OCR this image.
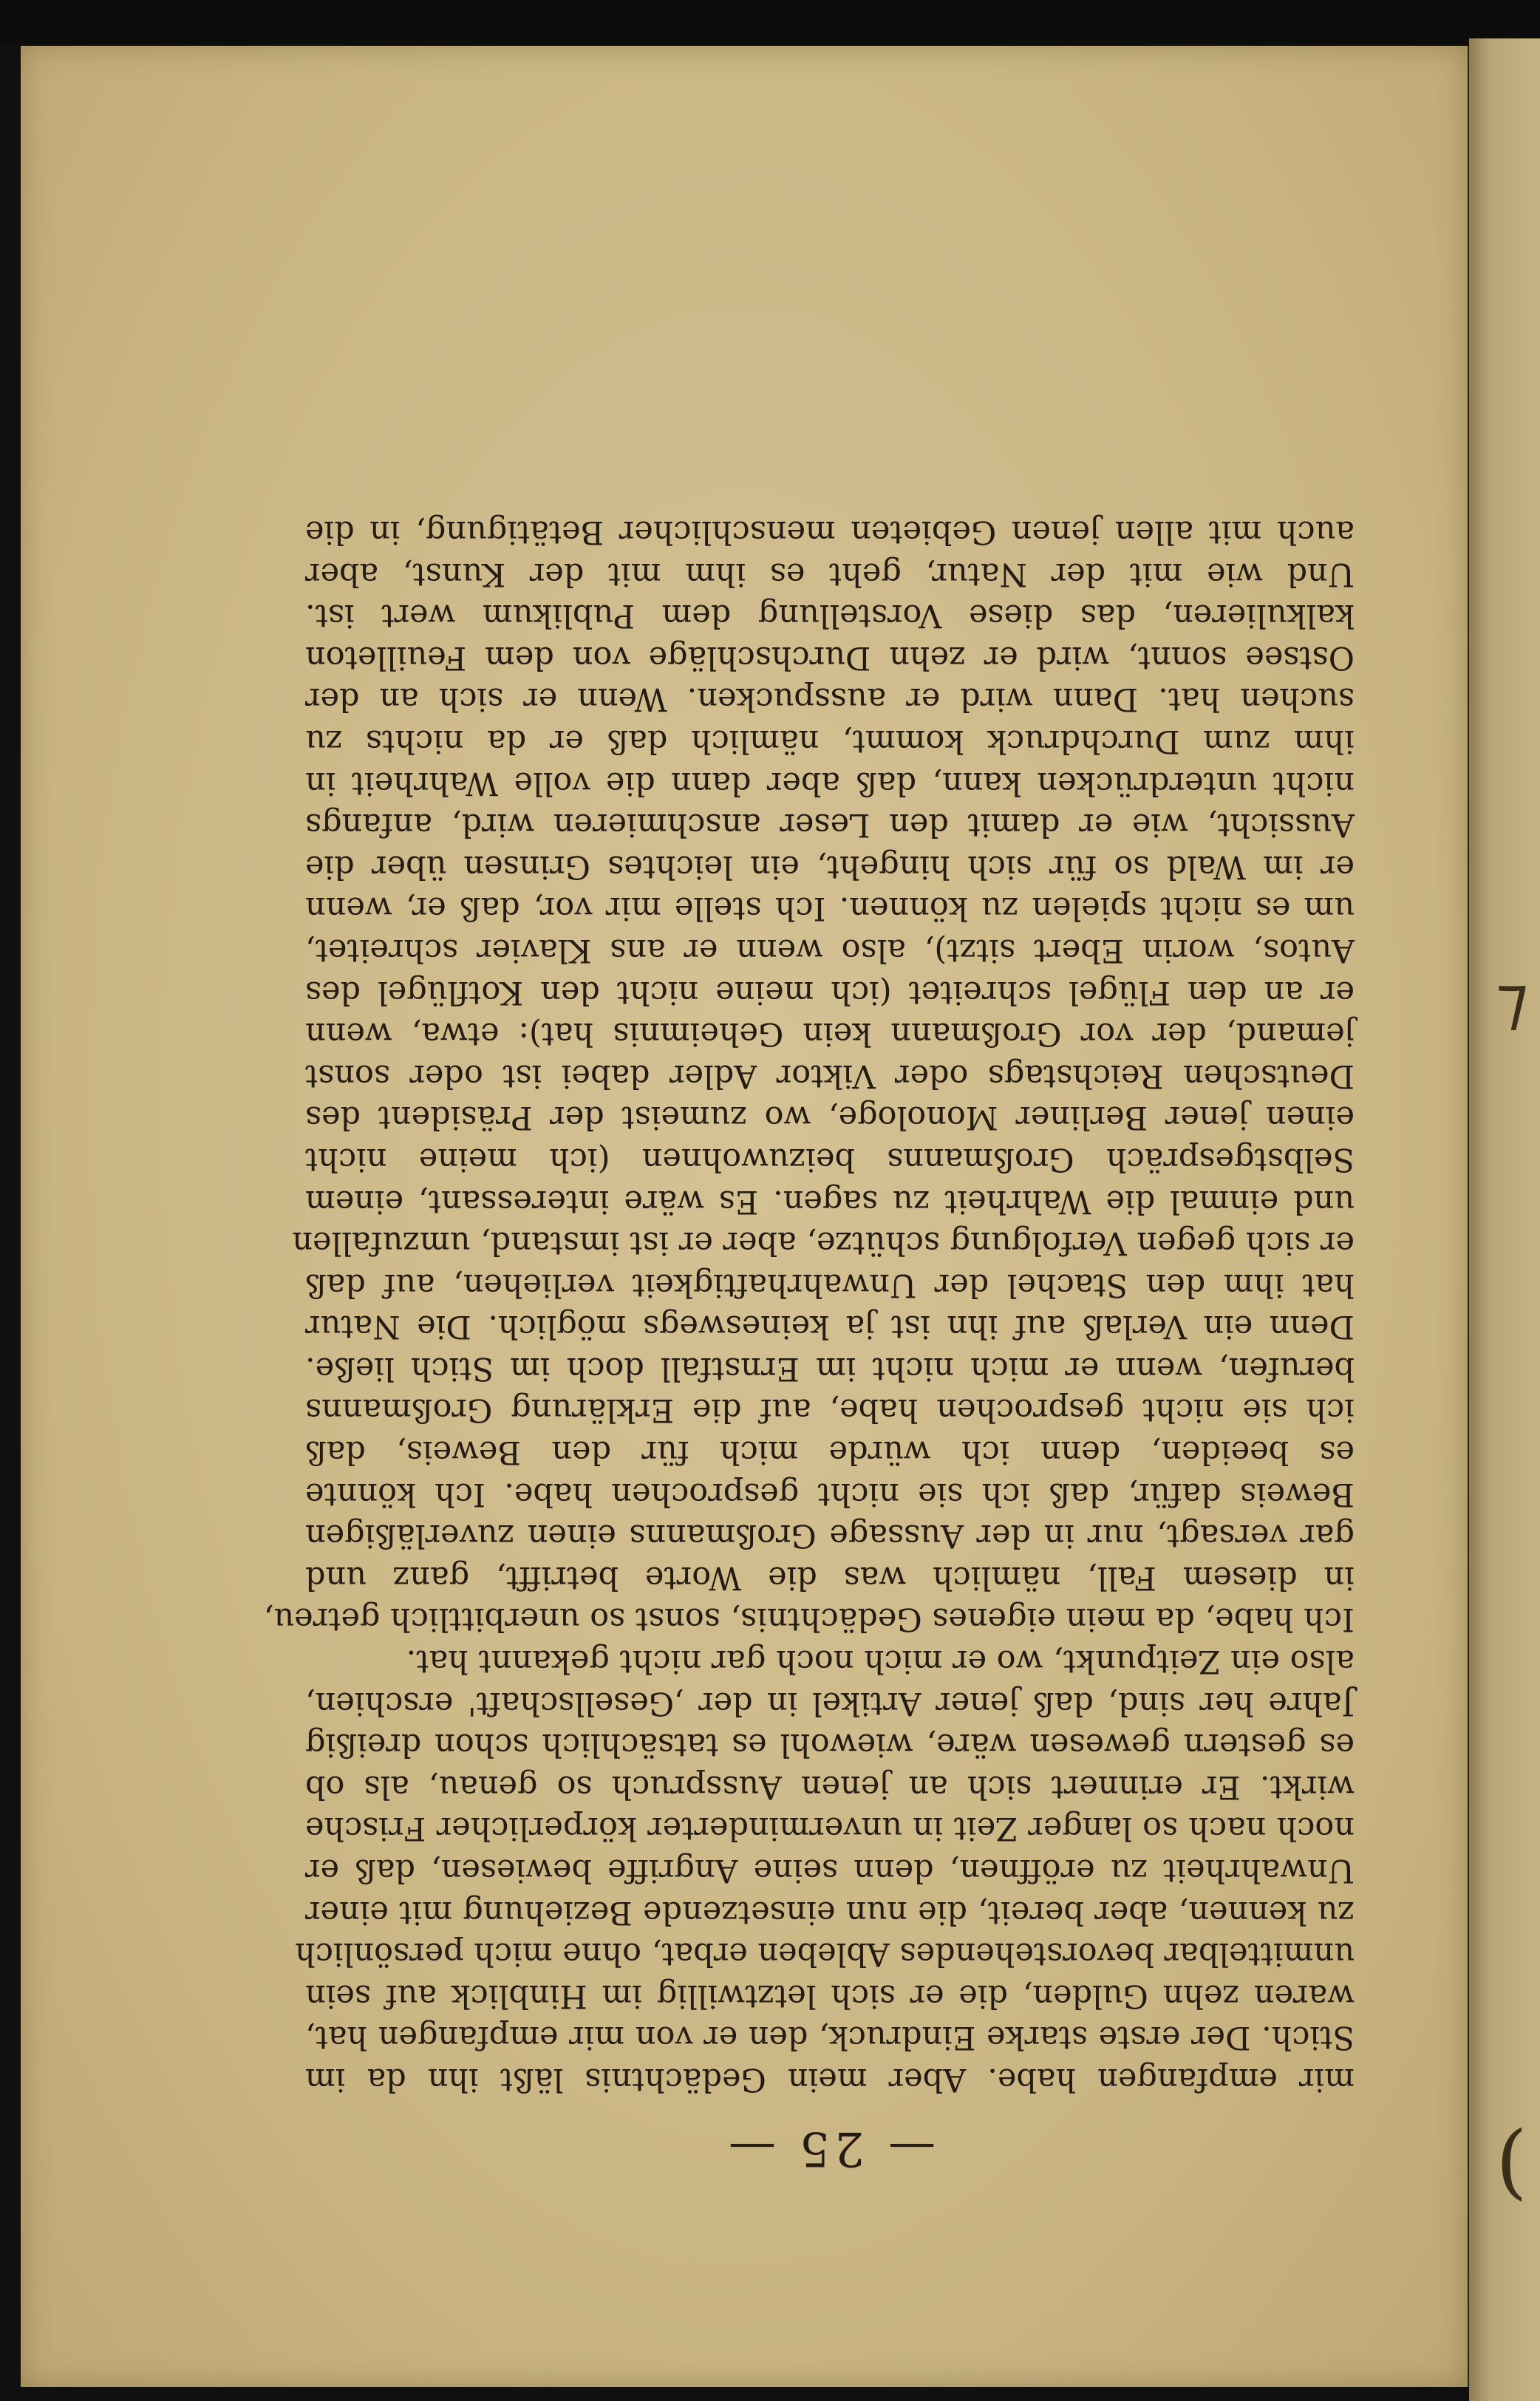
— 25 —
mir empfangen habe. Aber mein Gedächtnis läßt ihn da im
Stich. Der erste starke Eindruck, den er von mir empfangen hat,
waren zehn Gulden, die er sich letztwillig im Hinblick auf sein
unmittelbar bevorstehendes Ableben erbat, ohne mich persönlich
zu kennen, aber bereit, die nun einsetzende Beziehung mit einer
Unwahrheit zu eröffnen, denn seine Angriffe bewiesen, daß er
noch nach so langer Zeit in unverminderter körperlicher Frische
wirkt. Er erinnert sich an jenen Ausspruch so genau, als ob
es gestern gewesen wäre, wiewohl es tatsächlich schon dreißig
Jahre her sind, daß jener Artikel in der ‚Gesellschaft' erschien,
also ein Zeitpunkt, wo er mich noch gar nicht gekannt hat.
Ich habe, da mein eigenes Gedächtnis, sonst so unerbittlich getreu,
in diesem Fall, nämlich was die Worte betrifft, ganz und
gar versagt, nur in der Aussage Großmanns einen zuverläßigen
Beweis dafür, daß ich sie nicht gesprochen habe. Ich könnte
es beeiden, denn ich würde mich für den Beweis, daß
ich sie nicht gesprochen habe, auf die Erklärung Großmanns
berufen, wenn er mich nicht im Ernstfall doch im Stich ließe.
Denn ein Verlaß auf ihn ist ja keineswegs möglich. Die Natur
hat ihm den Stachel der Unwahrhaftigkeit verliehen, auf daß
er sich gegen Verfolgung schütze, aber er ist imstand, umzufallen
und einmal die Wahrheit zu sagen. Es wäre interessant, einem
Selbstgespräch Großmanns beizuwohnen (ich meine nicht
einen jener Berliner Monologe, wo zumeist der Präsident des
Deutschen Reichstags oder Viktor Adler dabei ist oder sonst
jemand, der vor Großmann kein Geheimnis hat): etwa, wenn
er an den Flügel schreitet (ich meine nicht den Kotflügel des
Autos, worin Ebert sitzt), also wenn er ans Klavier schreitet,
um es nicht spielen zu können. Ich stelle mir vor, daß er, wenn
er im Wald so für sich hingeht, ein leichtes Grinsen über die
Aussicht, wie er damit den Leser anschmieren wird, anfangs
nicht unterdrücken kann, daß aber dann die volle Wahrheit in
ihm zum Durchdruck kommt, nämlich daß er da nichts zu
suchen hat. Dann wird er ausspucken. Wenn er sich an der
Ostsee sonnt, wird er zehn Durchschläge von dem Feuilleton
kalkulieren, das diese Vorstellung dem Publikum wert ist.
Und wie mit der Natur, geht es ihm mit der Kunst, aber
auch mit allen jenen Gebieten menschlicher Betätigung, in die
⁊
(
